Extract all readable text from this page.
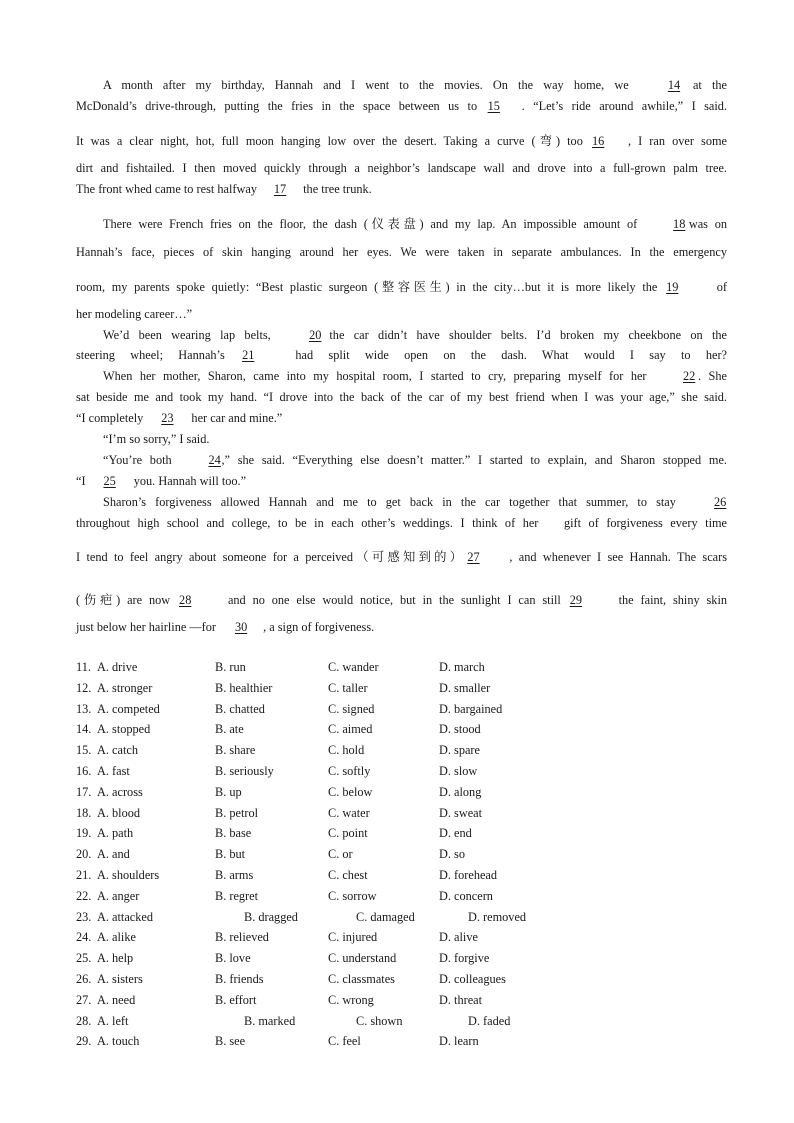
A month after my birthday, Hannah and I went to the movies. On the way home, we	14 at the
McDonald’s drive-through, putting the fries in the space between us to 15 . “Let’s ride around awhile,” I said.
It was a clear night, hot, full moon hanging low over the desert. Taking a curve (弯) too 16 , I ran over some
dirt and fishtailed. I then moved quickly through a neighbor’s landscape wall and drove into a full-grown palm tree.
The front whed came to rest halfway 17 the tree trunk.
There were French fries on the floor, the dash (仪表盘) and my lap. An impossible amount of	18 was on
Hannah’s face, pieces of skin hanging around her eyes. We were taken in separate ambulances. In the emergency
room, my parents spoke quietly: “Best plastic surgeon (整容医生) in the city…but it is more likely the 19	of
her modeling career…”
We’d been wearing lap belts,	20 the car didn’t have shoulder belts. I’d broken my cheekbone on the
steering wheel; Hannah’s 21	had split wide open on the dash. What would I say to her?
When her mother, Sharon, came into my hospital room, I started to cry, preparing myself for her	22 . She
sat beside me and took my hand. “I drove into the back of the car of my best friend when I was your age,” she said.
“I completely 23 her car and mine.”
“I’m so sorry,” I said.
“You’re both	24,” she said. “Everything else doesn’t matter.” I started to explain, and Sharon stopped me.
“I 25 you. Hannah will too.”
Sharon’s forgiveness allowed Hannah and me to get back in the car together that summer, to stay	26
throughout high school and college, to be in each other’s weddings. I think of her gift of forgiveness every time
I tend to feel angry about someone for a perceived（可感知到的） 27 , and whenever I see Hannah. The scars
(伤疤) are now 28	and no one else would notice, but in the sunlight I can still 29	the faint, shiny skin
just below her hairline —for 30 , a sign of forgiveness.
11. A. drive	B. run	C. wander	D. march
12. A. stronger	B. healthier	C. taller	D. smaller
13. A. competed	B. chatted	C. signed	D. bargained
14. A. stopped	B. ate	C. aimed	D. stood
15. A. catch	B. share	C. hold	D. spare
16. A. fast	B. seriously	C. softly	D. slow
17. A. across	B. up	C. below	D. along
18. A. blood	B. petrol	C. water	D. sweat
19. A. path	B. base	C. point	D. end
20. A. and	B. but	C. or	D. so
21. A. shoulders	B. arms	C. chest	D. forehead
22. A. anger	B. regret	C. sorrow	D. concern
23. A. attacked	B. dragged	C. damaged	D. removed
24. A. alike	B. relieved	C. injured	D. alive
25. A. help	B. love	C. understand	D. forgive
26. A. sisters	B. friends	C. classmates	D. colleagues
27. A. need	B. effort	C. wrong	D. threat
28. A. left	B. marked	C. shown	D. faded
29. A. touch	B. see	C. feel	D. learn
